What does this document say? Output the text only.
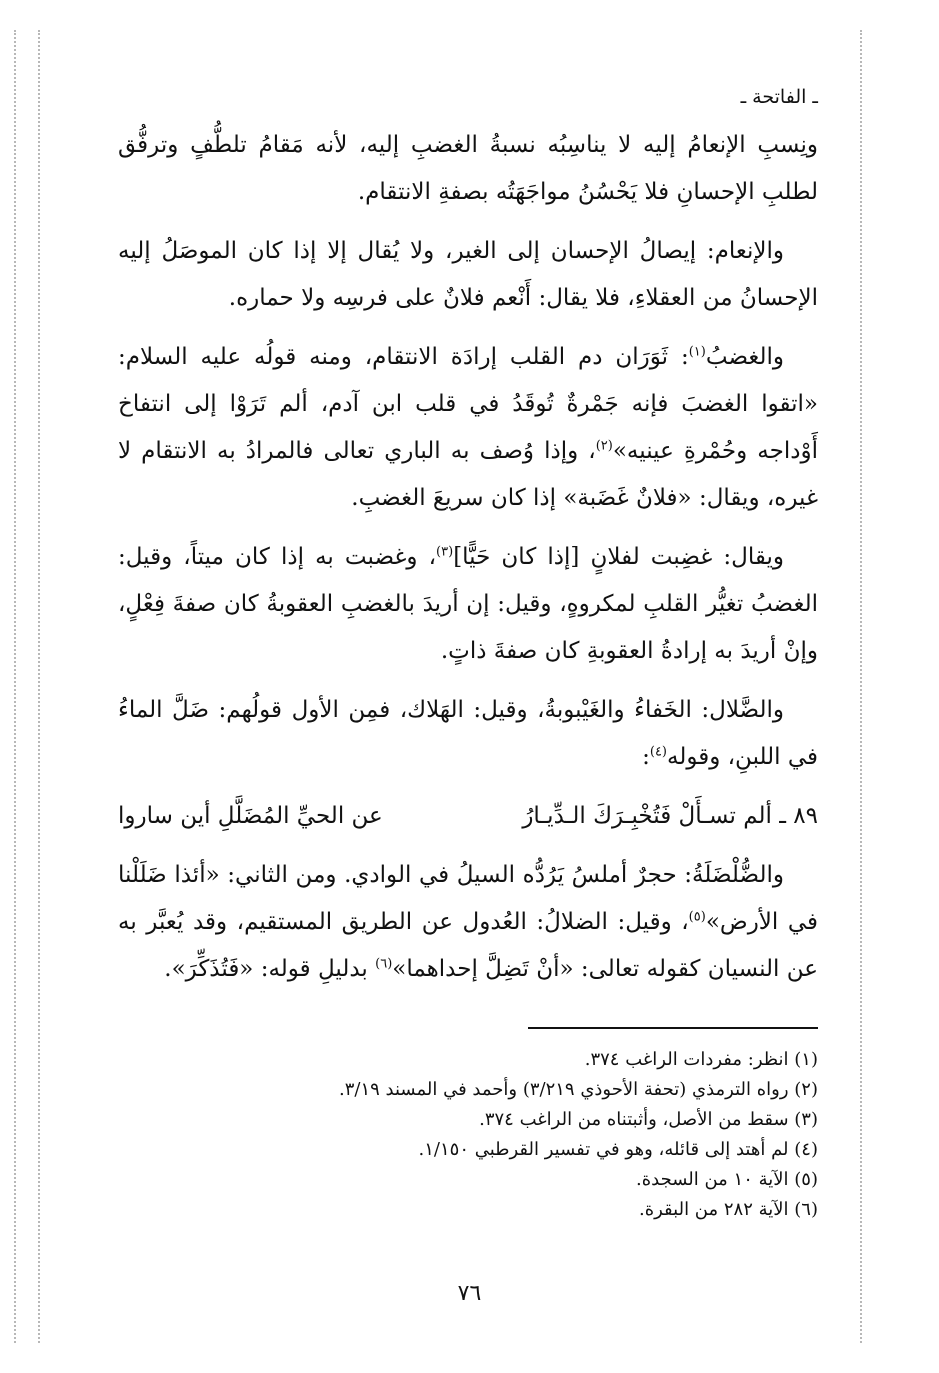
ـ الفاتحة ـ

ونِسبِ الإنعامُ إليه لا يناسِبُه نسبةُ الغضبِ إليه، لأنه مَقامُ تلطُّفٍ وترفُّق لطلبِ الإحسانِ فلا يَحْسُنُ مواجَهَتُه بصفةِ الانتقام.

والإنعام: إيصالُ الإحسان إلى الغير، ولا يُقال إلا إذا كان الموصَلُ إليه الإحسانُ من العقلاءِ، فلا يقال: أَنْعم فلانٌ على فرسِه ولا حماره.

والغضبُ$^{(١)}$: ثَوَرَان دم القلب إرادَة الانتقام، ومنه قولُه عليه السلام: «اتقوا الغضبَ فإنه جَمْرةٌ تُوقَدُ في قلب ابن آدم، ألم تَرَوْا إلى انتفاخ أَوْداجه وحُمْرةِ عينيه»$^{(٢)}$، وإذا وُصف به الباري تعالى فالمرادُ به الانتقام لا غيره، ويقال: «فلانٌ غَضَبة» إذا كان سريعَ الغضبِ.

ويقال: غضِبت لفلانٍ [إذا كان حَيًّا]$^{(٣)}$، وغضبت به إذا كان ميتاً، وقيل: الغضبُ تغيُّر القلبِ لمكروهٍ، وقيل: إن أريدَ بالغضبِ العقوبةُ كان صفةَ فِعْلٍ، وإنْ أريدَ به إرادةُ العقوبةِ كان صفةَ ذاتٍ.

والضَّلال: الخَفاءُ والغَيْبوبةُ، وقيل: الهَلاك، فمِن الأول قولُهم: ضَلَّ الماءُ في اللبنِ، وقوله$^{(٤)}$:

٨٩ ـ ألم تسـأَلْ فَتُخْبِـرَكَ الـدِّيـارُ
عن الحيِّ المُضَلَّلِ أين ساروا

والضُّلْضَلَةُ: حجرٌ أملسُ يَرُدُّه السيلُ في الوادي. ومن الثاني: «أئذا ضَلَلْنا في الأرض»$^{(٥)}$، وقيل: الضلالُ: العُدول عن الطريق المستقيم، وقد يُعبَّر به عن النسيان كقوله تعالى: «أنْ تَضِلَّ إحداهما»$^{(٦)}$ بدليلِ قوله: «فَتُذَكِّرَ».

(١) انظر: مفردات الراغب ٣٧٤.

(٢) رواه الترمذي (تحفة الأحوذي ٣/٢١٩) وأحمد في المسند ٣/١٩.

(٣) سقط من الأصل، وأثبتناه من الراغب ٣٧٤.

(٤) لم أهتد إلى قائله، وهو في تفسير القرطبي ١/١٥٠.

(٥) الآية ١٠ من السجدة.

(٦) الآية ٢٨٢ من البقرة.

٧٦
